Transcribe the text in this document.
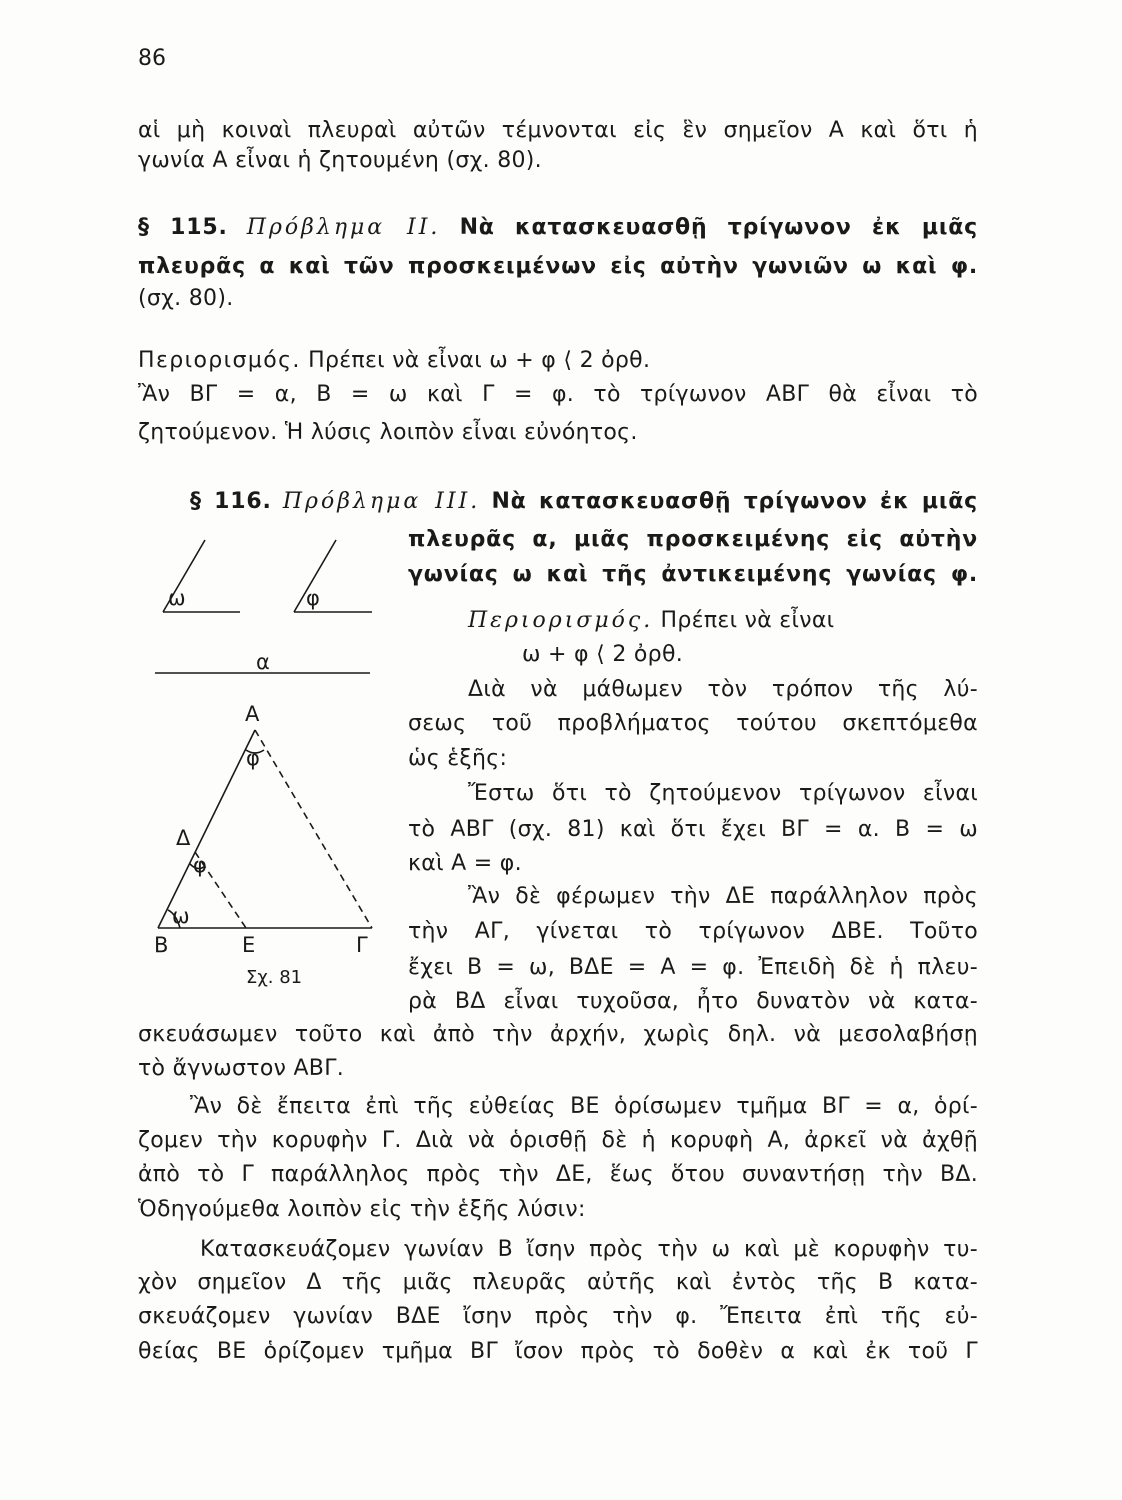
86
αἱ μὴ κοιναὶ πλευραὶ αὐτῶν τέμνονται εἰς ἓν σημεῖον Α καὶ ὅτι ἡ
γωνία Α εἶναι ἡ ζητουμένη (σχ. 80).
§ 115. Πρόβλημα ΙΙ. Νὰ κατασκευασθῇ τρίγωνον ἐκ μιᾶς
πλευρᾶς α καὶ τῶν προσκειμένων εἰς αὐτὴν γωνιῶν ω καὶ φ.
(σχ. 80).
Περιορισμός. Πρέπει νὰ εἶναι ω + φ ⟨ 2 ὀρθ.
Ἂν ΒΓ = α, Β = ω καὶ Γ = φ. τὸ τρίγωνον ΑΒΓ θὰ εἶναι τὸ
ζητούμενον. Ἡ λύσις λοιπὸν εἶναι εὐνόητος.
§ 116. Πρόβλημα ΙΙΙ. Νὰ κατασκευασθῇ τρίγωνον ἐκ μιᾶς
πλευρᾶς α, μιᾶς προσκειμένης εἰς αὐτὴν
γωνίας ω καὶ τῆς ἀντικειμένης γωνίας φ.
Περιορισμός. Πρέπει νὰ εἶναι
ω + φ ⟨ 2 ὀρθ.
Διὰ νὰ μάθωμεν τὸν τρόπον τῆς λύ-
σεως τοῦ προβλήματος τούτου σκεπτόμεθα
ὡς ἑξῆς:
Ἔστω ὅτι τὸ ζητούμενον τρίγωνον εἶναι
τὸ ΑΒΓ (σχ. 81) καὶ ὅτι ἔχει ΒΓ = α. Β = ω
καὶ Α = φ.
Ἂν δὲ φέρωμεν τὴν ΔΕ παράλληλον πρὸς
τὴν ΑΓ, γίνεται τὸ τρίγωνον ΔΒΕ. Τοῦτο
ἔχει Β = ω, ΒΔΕ = Α = φ. Ἐπειδὴ δὲ ἡ πλευ-
ρὰ ΒΔ εἶναι τυχοῦσα, ἦτο δυνατὸν νὰ κατα-
σκευάσωμεν τοῦτο καὶ ἀπὸ τὴν ἀρχήν, χωρὶς δηλ. νὰ μεσολαβήσῃ
τὸ ἄγνωστον ΑΒΓ.
Ἂν δὲ ἔπειτα ἐπὶ τῆς εὐθείας ΒΕ ὁρίσωμεν τμῆμα ΒΓ = α, ὁρί-
ζομεν τὴν κορυφὴν Γ. Διὰ νὰ ὁρισθῇ δὲ ἡ κορυφὴ Α, ἀρκεῖ νὰ ἀχθῇ
ἀπὸ τὸ Γ παράλληλος πρὸς τὴν ΔΕ, ἕως ὅτου συναντήσῃ τὴν ΒΔ.
Ὁδηγούμεθα λοιπὸν εἰς τὴν ἑξῆς λύσιν:
Κατασκευάζομεν γωνίαν Β ἴσην πρὸς τὴν ω καὶ μὲ κορυφὴν τυ-
χὸν σημεῖον Δ τῆς μιᾶς πλευρᾶς αὐτῆς καὶ ἐντὸς τῆς Β κατα-
σκευάζομεν γωνίαν ΒΔΕ ἴσην πρὸς τὴν φ. Ἔπειτα ἐπὶ τῆς εὐ-
θείας ΒΕ ὁρίζομεν τμῆμα ΒΓ ἴσον πρὸς τὸ δοθὲν α καὶ ἐκ τοῦ Γ
ω	φ
α
Α
φ
Δ
φ
ω
Β	Ε	Γ
Σχ. 81
